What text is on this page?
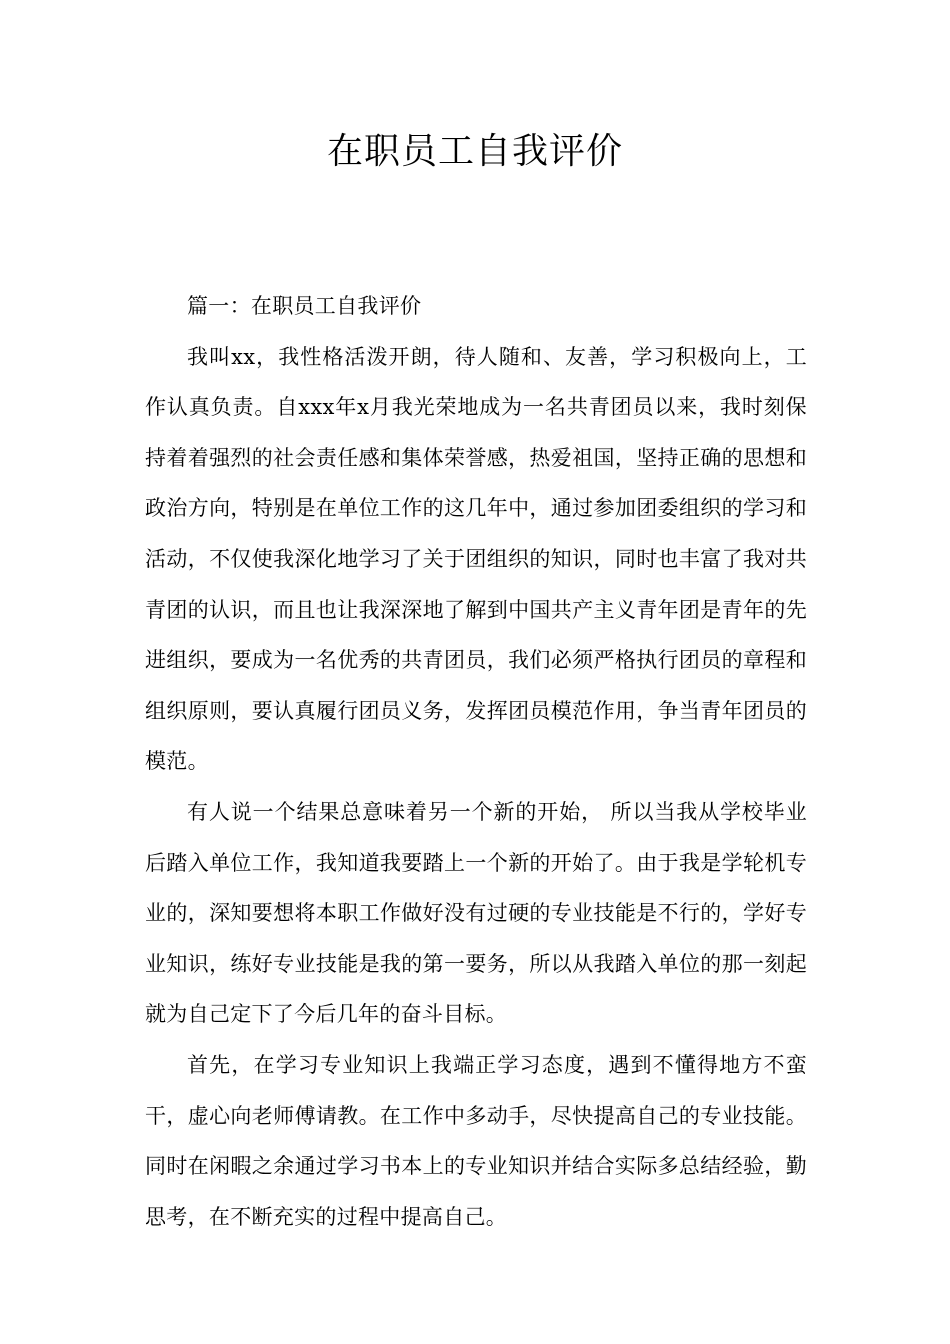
在职员工自我评价

篇一：在职员工自我评价

我叫xx，我性格活泼开朗，待人随和、友善，学习积极向上，工作认真负责。自xxx年x月我光荣地成为一名共青团员以来，我时刻保持着着强烈的社会责任感和集体荣誉感，热爱祖国，坚持正确的思想和政治方向，特别是在单位工作的这几年中，通过参加团委组织的学习和活动，不仅使我深化地学习了关于团组织的知识，同时也丰富了我对共青团的认识，而且也让我深深地了解到中国共产主义青年团是青年的先进组织，要成为一名优秀的共青团员，我们必须严格执行团员的章程和组织原则，要认真履行团员义务，发挥团员模范作用，争当青年团员的模范。

有人说一个结果总意味着另一个新的开始， 所以当我从学校毕业后踏入单位工作，我知道我要踏上一个新的开始了。由于我是学轮机专业的，深知要想将本职工作做好没有过硬的专业技能是不行的，学好专业知识，练好专业技能是我的第一要务，所以从我踏入单位的那一刻起就为自己定下了今后几年的奋斗目标。

首先，在学习专业知识上我端正学习态度，遇到不懂得地方不蛮干，虚心向老师傅请教。在工作中多动手，尽快提高自己的专业技能。同时在闲暇之余通过学习书本上的专业知识并结合实际多总结经验，勤思考，在不断充实的过程中提高自己。
